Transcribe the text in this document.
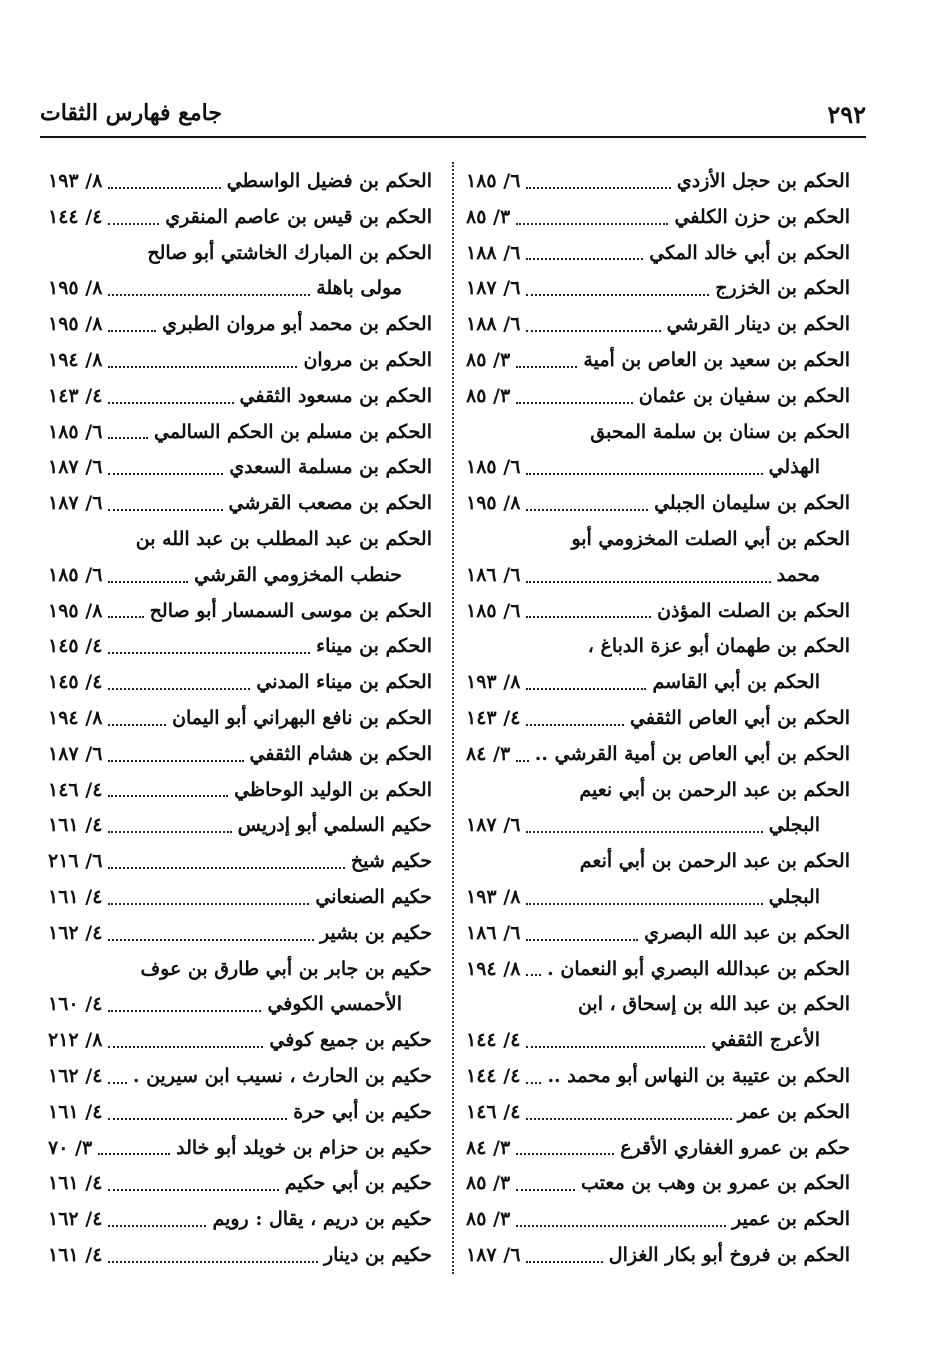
٢٩٢
جامع فهارس الثقات
الحكم بن حجل الأزدي
٦/ ١٨٥
الحكم بن حزن الكلفي
٣/ ٨٥
الحكم بن أبي خالد المكي
٦/ ١٨٨
الحكم بن الخزرج
٦/ ١٨٧
الحكم بن دينار القرشي
٦/ ١٨٨
الحكم بن سعيد بن العاص بن أمية
٣/ ٨٥
الحكم بن سفيان بن عثمان
٣/ ٨٥
الحكم بن سنان بن سلمة المحبق
الهذلي
٦/ ١٨٥
الحكم بن سليمان الجبلي
٨/ ١٩٥
الحكم بن أبي الصلت المخزومي أبو
محمد
٦/ ١٨٦
الحكم بن الصلت المؤذن
٦/ ١٨٥
الحكم بن طهمان أبو عزة الدباغ ،
الحكم بن أبي القاسم
٨/ ١٩٣
الحكم بن أبي العاص الثقفي
٤/ ١٤٣
الحكم بن أبي العاص بن أمية القرشي ..
٣/ ٨٤
الحكم بن عبد الرحمن بن أبي نعيم
البجلي
٦/ ١٨٧
الحكم بن عبد الرحمن بن أبي أنعم
البجلي
٨/ ١٩٣
الحكم بن عبد الله البصري
٦/ ١٨٦
الحكم بن عبدالله البصري أبو النعمان .
٨/ ١٩٤
الحكم بن عبد الله بن إسحاق ، ابن
الأعرج الثقفي
٤/ ١٤٤
الحكم بن عتيبة بن النهاس أبو محمد ..
٤/ ١٤٤
الحكم بن عمر
٤/ ١٤٦
حكم بن عمرو الغفاري الأقرع
٣/ ٨٤
الحكم بن عمرو بن وهب بن معتب
٣/ ٨٥
الحكم بن عمير
٣/ ٨٥
الحكم بن فروخ أبو بكار الغزال
٦/ ١٨٧
الحكم بن فضيل الواسطي
٨/ ١٩٣
الحكم بن قيس بن عاصم المنقري
٤/ ١٤٤
الحكم بن المبارك الخاشتي أبو صالح
مولى باهلة
٨/ ١٩٥
الحكم بن محمد أبو مروان الطبري
٨/ ١٩٥
الحكم بن مروان
٨/ ١٩٤
الحكم بن مسعود الثقفي
٤/ ١٤٣
الحكم بن مسلم بن الحكم السالمي
٦/ ١٨٥
الحكم بن مسلمة السعدي
٦/ ١٨٧
الحكم بن مصعب القرشي
٦/ ١٨٧
الحكم بن عبد المطلب بن عبد الله بن
حنطب المخزومي القرشي
٦/ ١٨٥
الحكم بن موسى السمسار أبو صالح
٨/ ١٩٥
الحكم بن ميناء
٤/ ١٤٥
الحكم بن ميناء المدني
٤/ ١٤٥
الحكم بن نافع البهراني أبو اليمان
٨/ ١٩٤
الحكم بن هشام الثقفي
٦/ ١٨٧
الحكم بن الوليد الوحاظي
٤/ ١٤٦
حكيم السلمي أبو إدريس
٤/ ١٦١
حكيم شيخ
٦/ ٢١٦
حكيم الصنعاني
٤/ ١٦١
حكيم بن بشير
٤/ ١٦٢
حكيم بن جابر بن أبي طارق بن عوف
الأحمسي الكوفي
٤/ ١٦٠
حكيم بن جميع كوفي
٨/ ٢١٢
حكيم بن الحارث ، نسيب ابن سيرين .
٤/ ١٦٢
حكيم بن أبي حرة
٤/ ١٦١
حكيم بن حزام بن خويلد أبو خالد
٣/ ٧٠
حكيم بن أبي حكيم
٤/ ١٦١
حكيم بن دريم ، يقال : رويم
٤/ ١٦٢
حكيم بن دينار
٤/ ١٦١
